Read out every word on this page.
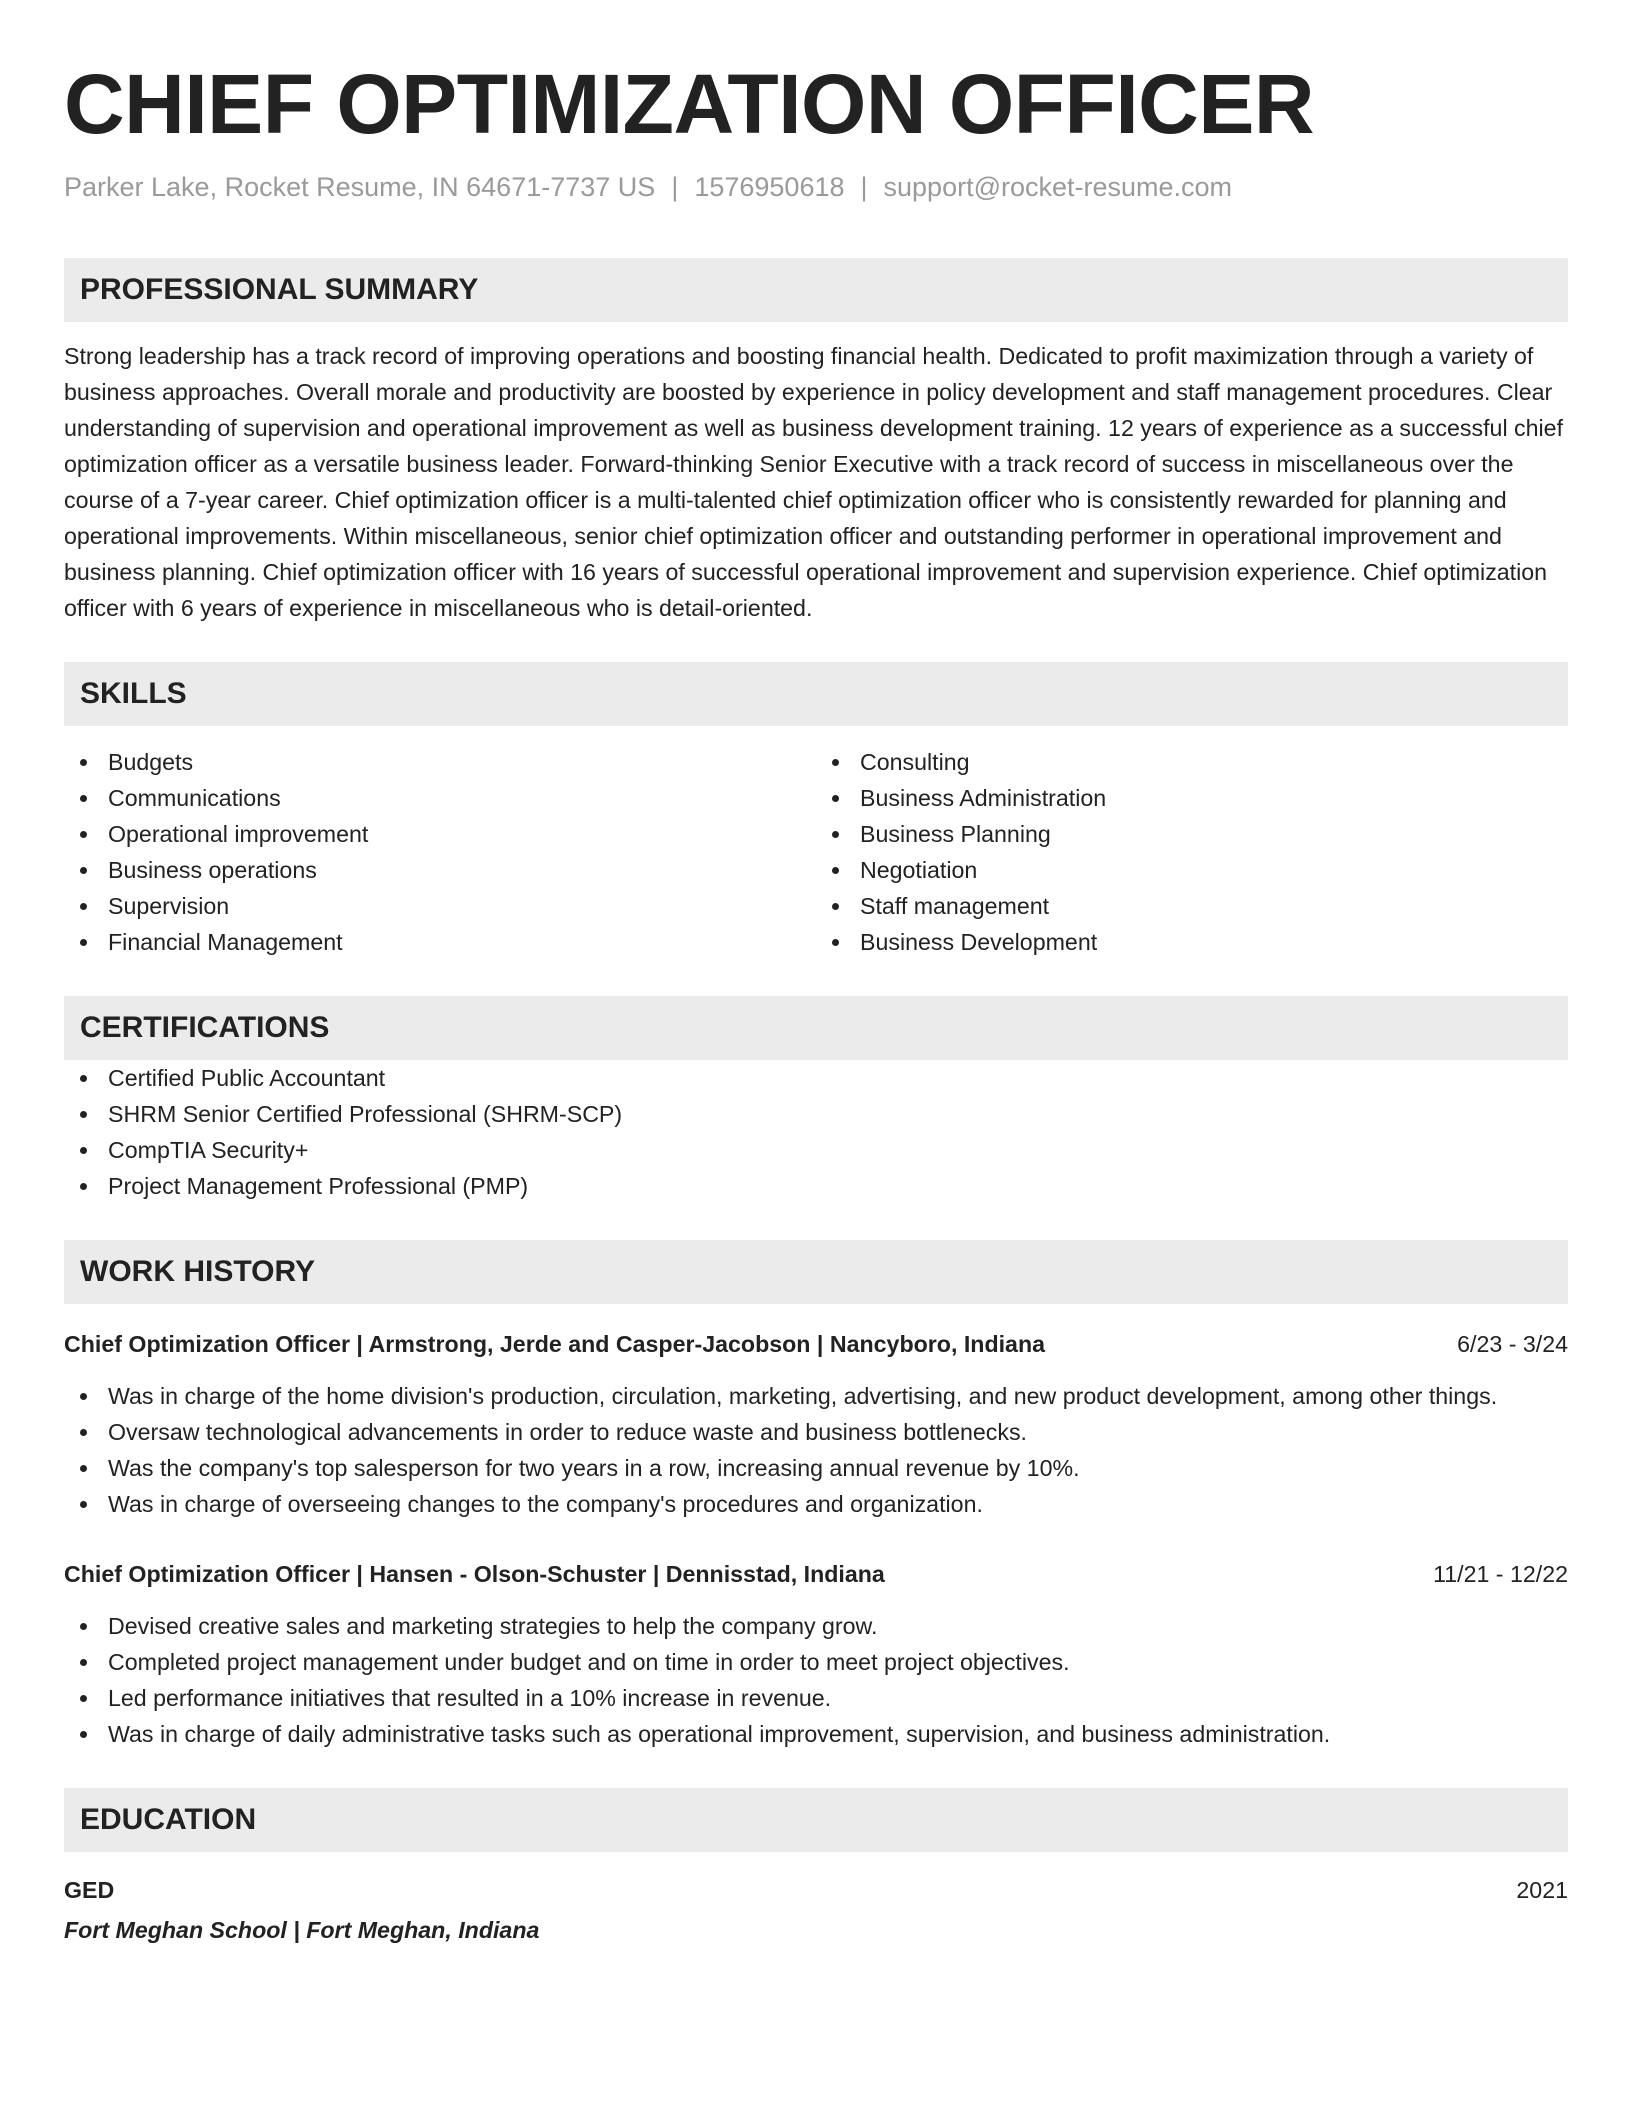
CHIEF OPTIMIZATION OFFICER
Parker Lake, Rocket Resume, IN 64671-7737 US | 1576950618 | support@rocket-resume.com
PROFESSIONAL SUMMARY

Strong leadership has a track record of improving operations and boosting financial health. Dedicated to profit maximization through a variety of business approaches. Overall morale and productivity are boosted by experience in policy development and staff management procedures. Clear understanding of supervision and operational improvement as well as business development training. 12 years of experience as a successful chief optimization officer as a versatile business leader. Forward-thinking Senior Executive with a track record of success in miscellaneous over the course of a 7-year career. Chief optimization officer is a multi-talented chief optimization officer who is consistently rewarded for planning and operational improvements. Within miscellaneous, senior chief optimization officer and outstanding performer in operational improvement and business planning. Chief optimization officer with 16 years of successful operational improvement and supervision experience. Chief optimization officer with 6 years of experience in miscellaneous who is detail-oriented.

SKILLS
Budgets
Communications
Operational improvement
Business operations
Supervision
Financial Management
Consulting
Business Administration
Business Planning
Negotiation
Staff management
Business Development
CERTIFICATIONS
Certified Public Accountant
SHRM Senior Certified Professional (SHRM-SCP)
CompTIA Security+
Project Management Professional (PMP)
WORK HISTORY
Chief Optimization Officer | Armstrong, Jerde and Casper-Jacobson | Nancyboro, Indiana	6/23 - 3/24
Was in charge of the home division's production, circulation, marketing, advertising, and new product development, among other things.
Oversaw technological advancements in order to reduce waste and business bottlenecks.
Was the company's top salesperson for two years in a row, increasing annual revenue by 10%.
Was in charge of overseeing changes to the company's procedures and organization.
Chief Optimization Officer | Hansen - Olson-Schuster | Dennisstad, Indiana	11/21 - 12/22
Devised creative sales and marketing strategies to help the company grow.
Completed project management under budget and on time in order to meet project objectives.
Led performance initiatives that resulted in a 10% increase in revenue.
Was in charge of daily administrative tasks such as operational improvement, supervision, and business administration.
EDUCATION
GED	2021
Fort Meghan School | Fort Meghan, Indiana
